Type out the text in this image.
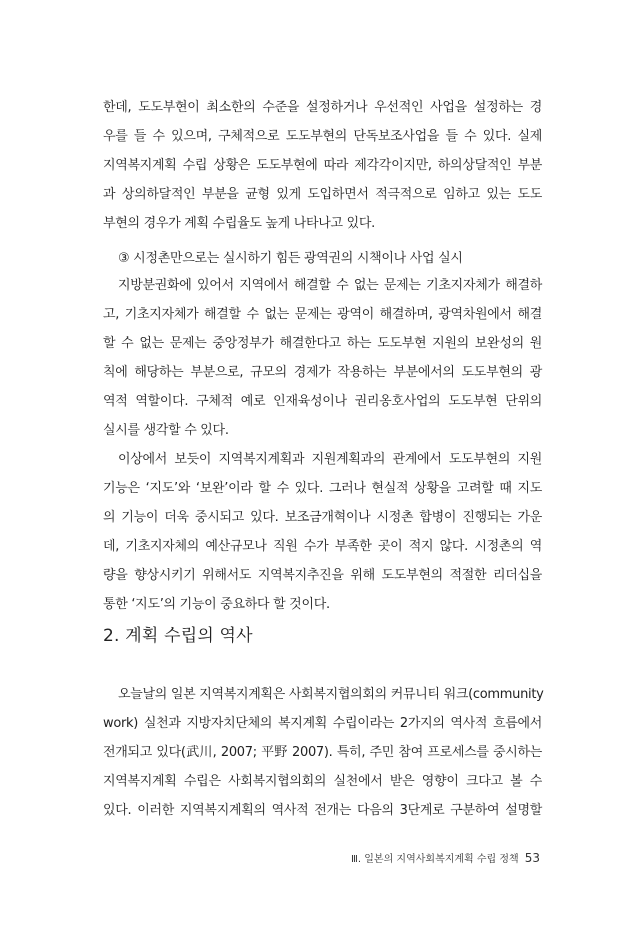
한데, 도도부현이 최소한의 수준을 설정하거나 우선적인 사업을 설정하는 경
우를 들 수 있으며, 구체적으로 도도부현의 단독보조사업을 들 수 있다. 실제
지역복지계획 수립 상황은 도도부현에 따라 제각각이지만, 하의상달적인 부분
과 상의하달적인 부분을 균형 있게 도입하면서 적극적으로 임하고 있는 도도
부현의 경우가 계획 수립율도 높게 나타나고 있다.
③ 시정촌만으로는 실시하기 힘든 광역권의 시책이나 사업 실시
지방분권화에 있어서 지역에서 해결할 수 없는 문제는 기초지자체가 해결하
고, 기초지자체가 해결할 수 없는 문제는 광역이 해결하며, 광역차원에서 해결
할 수 없는 문제는 중앙정부가 해결한다고 하는 도도부현 지원의 보완성의 원
칙에 해당하는 부분으로, 규모의 경제가 작용하는 부분에서의 도도부현의 광
역적 역할이다. 구체적 예로 인재육성이나 권리옹호사업의 도도부현 단위의
실시를 생각할 수 있다.
이상에서 보듯이 지역복지계획과 지원계획과의 관계에서 도도부현의 지원
기능은 ‘지도’와 ‘보완’이라 할 수 있다. 그러나 현실적 상황을 고려할 때 지도
의 기능이 더욱 중시되고 있다. 보조금개혁이나 시정촌 합병이 진행되는 가운
데, 기초지자체의 예산규모나 직원 수가 부족한 곳이 적지 않다. 시정촌의 역
량을 향상시키기 위해서도 지역복지추진을 위해 도도부현의 적절한 리더십을
통한 ‘지도’의 기능이 중요하다 할 것이다.
2. 계획 수립의 역사
오늘날의 일본 지역복지계획은 사회복지협의회의 커뮤니티 워크(community
work) 실천과 지방자치단체의 복지계획 수립이라는 2가지의 역사적 흐름에서
전개되고 있다(武川, 2007; 平野 2007). 특히, 주민 참여 프로세스를 중시하는
지역복지계획 수립은 사회복지협의회의 실천에서 받은 영향이 크다고 볼 수
있다. 이러한 지역복지계획의 역사적 전개는 다음의 3단계로 구분하여 설명할
Ⅲ. 일본의 지역사회복지계획 수립 정책 53
